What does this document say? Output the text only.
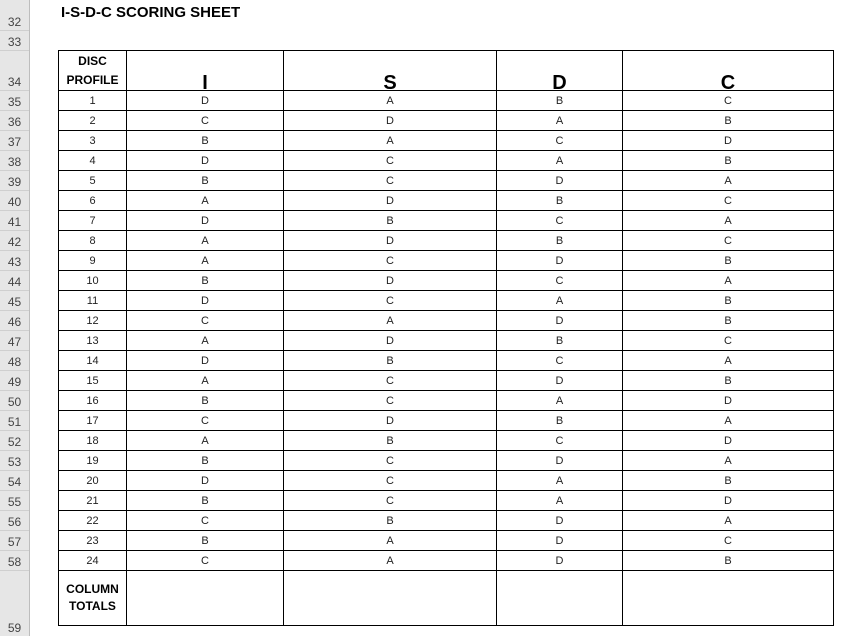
32
33
34
35
36
37
38
39
40
41
42
43
44
45
46
47
48
49
50
51
52
53
54
55
56
57
58
59
I-S-D-C SCORING SHEET
DISC
PROFILE	I	S	D	C
1	D	A	B	C
2	C	D	A	B
3	B	A	C	D
4	D	C	A	B
5	B	C	D	A
6	A	D	B	C
7	D	B	C	A
8	A	D	B	C
9	A	C	D	B
10	B	D	C	A
11	D	C	A	B
12	C	A	D	B
13	A	D	B	C
14	D	B	C	A
15	A	C	D	B
16	B	C	A	D
17	C	D	B	A
18	A	B	C	D
19	B	C	D	A
20	D	C	A	B
21	B	C	A	D
22	C	B	D	A
23	B	A	D	C
24	C	A	D	B

COLUMN
TOTALS				
